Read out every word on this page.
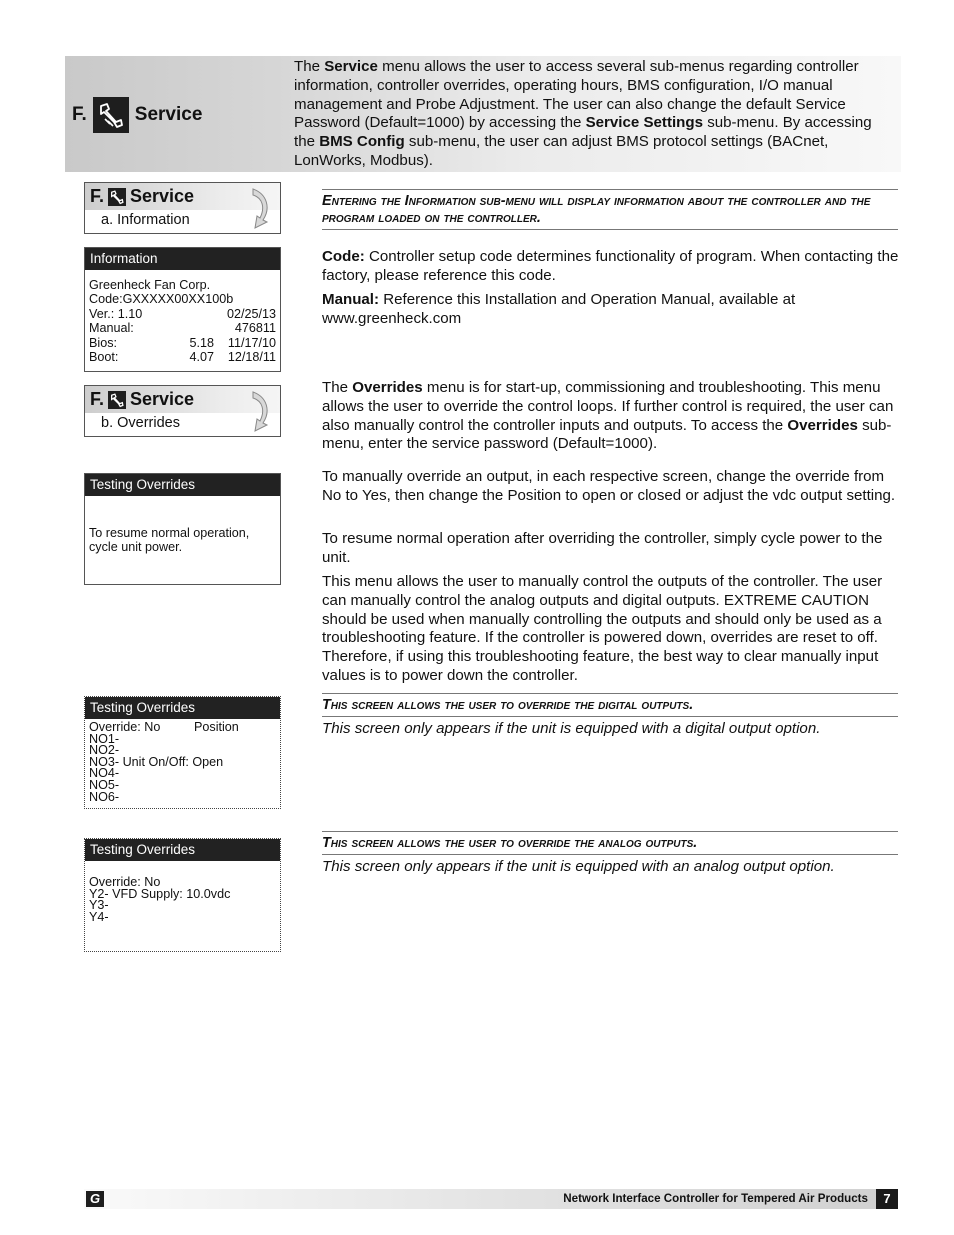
F.	Service
The Service menu allows the user to access several sub-menus regarding controller information, controller overrides, operating hours, BMS configuration, I/O manual management and Probe Adjustment. The user can also change the default Service Password (Default=1000) by accessing the Service Settings sub-menu. By accessing the BMS Config sub-menu, the user can adjust BMS protocol settings (BACnet, LonWorks, Modbus).
F. Service
a. Information
Information
Greenheck Fan Corp.
Code:GXXXXX00XX100b
Ver.: 1.10	02/25/13
Manual:	476811
Bios:	5.18	11/17/10
Boot:	4.07	12/18/11
Entering the Information sub-menu will display information about the controller and the program loaded on the controller.
Code: Controller setup code determines functionality of program. When contacting the factory, please reference this code.
Manual: Reference this Installation and Operation Manual, available at www.greenheck.com
F. Service
b. Overrides
Testing Overrides
To resume normal operation,
cycle unit power.
The Overrides menu is for start-up, commissioning and troubleshooting. This menu allows the user to override the control loops. If further control is required, the user can also manually control the controller inputs and outputs. To access the Overrides sub-menu, enter the service password (Default=1000).
To manually override an output, in each respective screen, change the override from No to Yes, then change the Position to open or closed or adjust the vdc output setting.
To resume normal operation after overriding the controller, simply cycle power to the unit.
This menu allows the user to manually control the outputs of the controller. The user can manually control the analog outputs and digital outputs. EXTREME CAUTION should be used when manually controlling the outputs and should only be used as a troubleshooting feature. If the controller is powered down, overrides are reset to off. Therefore, if using this troubleshooting feature, the best way to clear manually input values is to power down the controller.
Testing Overrides
Override: No	Position
NO1-
NO2-
NO3- Unit On/Off: Open
NO4-
NO5-
NO6-
This screen allows the user to override the digital outputs.
This screen only appears if the unit is equipped with a digital output option.
Testing Overrides
Override: No
Y2- VFD Supply: 10.0vdc
Y3-
Y4-
This screen allows the user to override the analog outputs.
This screen only appears if the unit is equipped with an analog output option.
G	Network Interface Controller for Tempered Air Products	7
